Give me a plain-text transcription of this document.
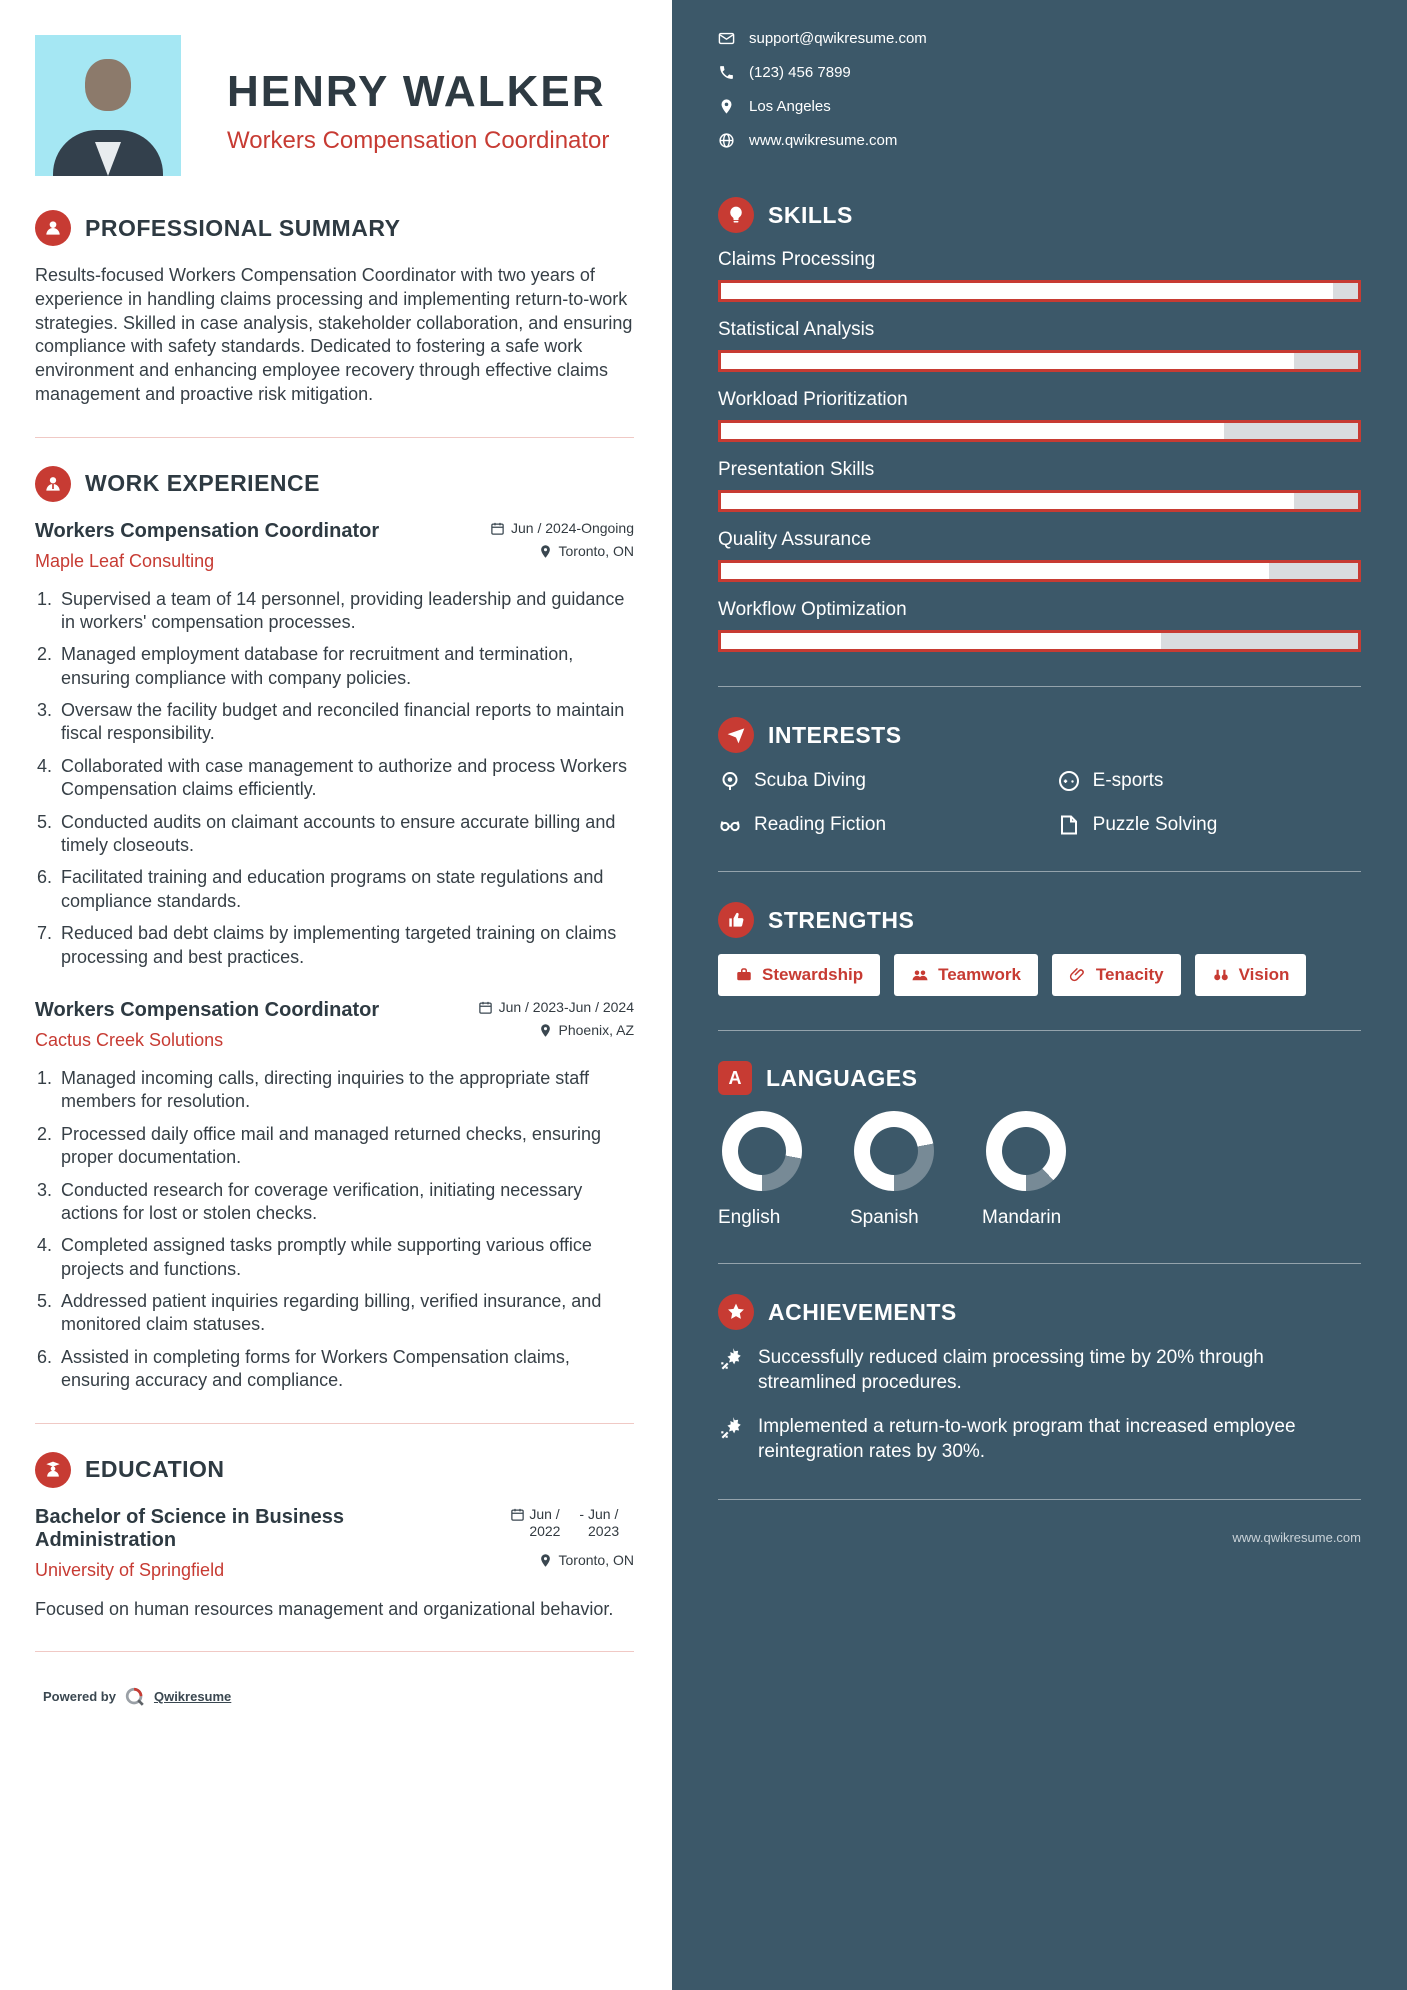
HENRY WALKER
Workers Compensation Coordinator
PROFESSIONAL SUMMARY

Results-focused Workers Compensation Coordinator with two years of experience in handling claims processing and implementing return-to-work strategies. Skilled in case analysis, stakeholder collaboration, and ensuring compliance with safety standards. Dedicated to fostering a safe work environment and enhancing employee recovery through effective claims management and proactive risk mitigation.

WORK EXPERIENCE
Workers Compensation Coordinator	Jun / 2024-Ongoing
Maple Leaf Consulting	Toronto, ON
1. Supervised a team of 14 personnel, providing leadership and guidance in workers' compensation processes.
2. Managed employment database for recruitment and termination, ensuring compliance with company policies.
3. Oversaw the facility budget and reconciled financial reports to maintain fiscal responsibility.
4. Collaborated with case management to authorize and process Workers Compensation claims efficiently.
5. Conducted audits on claimant accounts to ensure accurate billing and timely closeouts.
6. Facilitated training and education programs on state regulations and compliance standards.
7. Reduced bad debt claims by implementing targeted training on claims processing and best practices.
Workers Compensation Coordinator	Jun / 2023-Jun / 2024
Cactus Creek Solutions	Phoenix, AZ
1. Managed incoming calls, directing inquiries to the appropriate staff members for resolution.
2. Processed daily office mail and managed returned checks, ensuring proper documentation.
3. Conducted research for coverage verification, initiating necessary actions for lost or stolen checks.
4. Completed assigned tasks promptly while supporting various office projects and functions.
5. Addressed patient inquiries regarding billing, verified insurance, and monitored claim statuses.
6. Assisted in completing forms for Workers Compensation claims, ensuring accuracy and compliance.
EDUCATION
Bachelor of Science in Business Administration
Jun / 2022
- Jun / 2023
University of Springfield	Toronto, ON

Focused on human resources management and organizational behavior.

Powered by	Qwikresume
support@qwikresume.com
(123) 456 7899
Los Angeles
www.qwikresume.com
SKILLS
Claims Processing
Statistical Analysis
Workload Prioritization
Presentation Skills
Quality Assurance
Workflow Optimization
INTERESTS
Scuba Diving	E-sports
Reading Fiction	Puzzle Solving
STRENGTHS
Stewardship	Teamwork	Tenacity	Vision
A	LANGUAGES
English	Spanish	Mandarin
ACHIEVEMENTS
Successfully reduced claim processing time by 20% through streamlined procedures.
Implemented a return-to-work program that increased employee reintegration rates by 30%.
www.qwikresume.com
